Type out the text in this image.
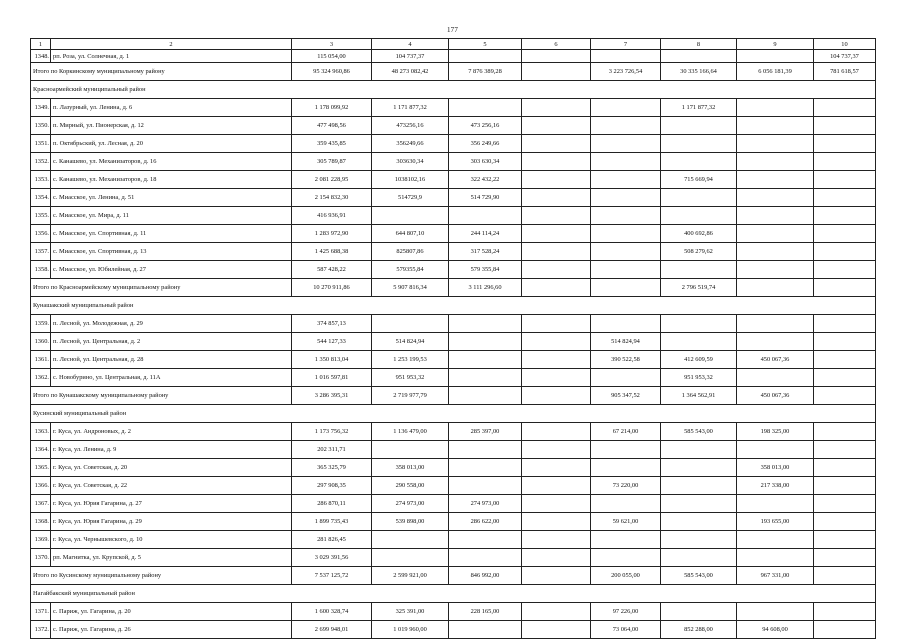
177
1	2	3	4	5	6	7	8	9	10
1348.	рп. Роза, ул. Солнечная, д. 1	115 054,00	104 737,37						104 737,37
Итого по Коркинскому муниципальному району		95 324 960,86	48 273 082,42	7 876 389,28		3 223 726,54	30 335 166,64	6 056 181,39	781 618,57
Красноармейский муниципальный район									
1349.	п. Лазурный, ул. Ленина, д. 6	1 178 099,92	1 171 877,32				1 171 877,32		
1350.	п. Мирный, ул. Пионерская, д. 12	477 498,56	473256,16	473 256,16					
1351.	п. Октябрьский, ул. Лесная, д. 20	359 435,85	356249,66	356 249,66					
1352.	с. Канашево, ул. Механизаторов, д. 16	305 789,87	303630,34	303 630,34					
1353.	с. Канашево, ул. Механизаторов, д. 18	2 081 228,95	1038102,16	322 432,22			715 669,94		
1354.	с. Миасское, ул. Ленина, д. 51	2 154 832,30	514729,9	514 729,90					
1355.	с. Миасское, ул. Мира, д. 11	416 936,91							
1356.	с. Миасское, ул. Спортивная, д. 11	1 283 972,90	644 807,10	244 114,24			400 692,86		
1357.	с. Миасское, ул. Спортивная, д. 13	1 425 688,38	825807,86	317 528,24			508 279,62		
1358.	с. Миасское, ул. Юбилейная, д. 27	587 428,22	579355,84	579 355,84					
Итого по Красноармейскому муниципальному району		10 270 911,86	5 907 816,34	3 111 296,60			2 796 519,74		
Кунашакский муниципальный район									
1359.	п. Лесной, ул. Молодежная, д. 29	374 857,13							
1360.	п. Лесной, ул. Центральная, д. 2	544 127,33	514 824,94			514 824,94			
1361.	п. Лесной, ул. Центральная, д. 28	1 350 813,04	1 253 199,53			390 522,58	412 609,59	450 067,36	
1362.	с. Новобурино, ул. Центральная, д. 11А	1 016 597,81	951 953,32				951 953,32		
Итого по Кунашакскому муниципальному району		3 286 395,31	2 719 977,79			905 347,52	1 364 562,91	450 067,36	
Кусинский муниципальный район									
1363.	г. Куса, ул. Андроновых, д. 2	1 173 756,32	1 136 479,00	285 397,00		67 214,00	585 543,00	198 325,00	
1364.	г. Куса, ул. Ленина, д. 9	202 311,71							
1365.	г. Куса, ул. Советская, д. 20	365 325,79	358 013,00					358 013,00	
1366.	г. Куса, ул. Советская, д. 22	297 908,35	290 558,00			73 220,00		217 338,00	
1367.	г. Куса, ул. Юрия Гагарина, д. 27	286 870,11	274 973,00	274 973,00					
1368.	г. Куса, ул. Юрия Гагарина, д. 29	1 899 735,43	539 898,00	286 622,00		59 621,00		193 655,00	
1369.	г. Куса, ул. Чернышевского, д. 10	281 826,45							
1370.	рп. Магнитка, ул. Крупской, д. 5	3 029 391,56							
Итого по Кусинскому муниципальному району		7 537 125,72	2 599 921,00	846 992,00		200 055,00	585 543,00	967 331,00	
Нагайбакский муниципальный район									
1371.	с. Париж, ул. Гагарина, д. 20	1 600 328,74	325 391,00	228 165,00		97 226,00			
1372.	с. Париж, ул. Гагарина, д. 26	2 699 948,01	1 019 960,00			73 064,00	852 288,00	94 608,00	
